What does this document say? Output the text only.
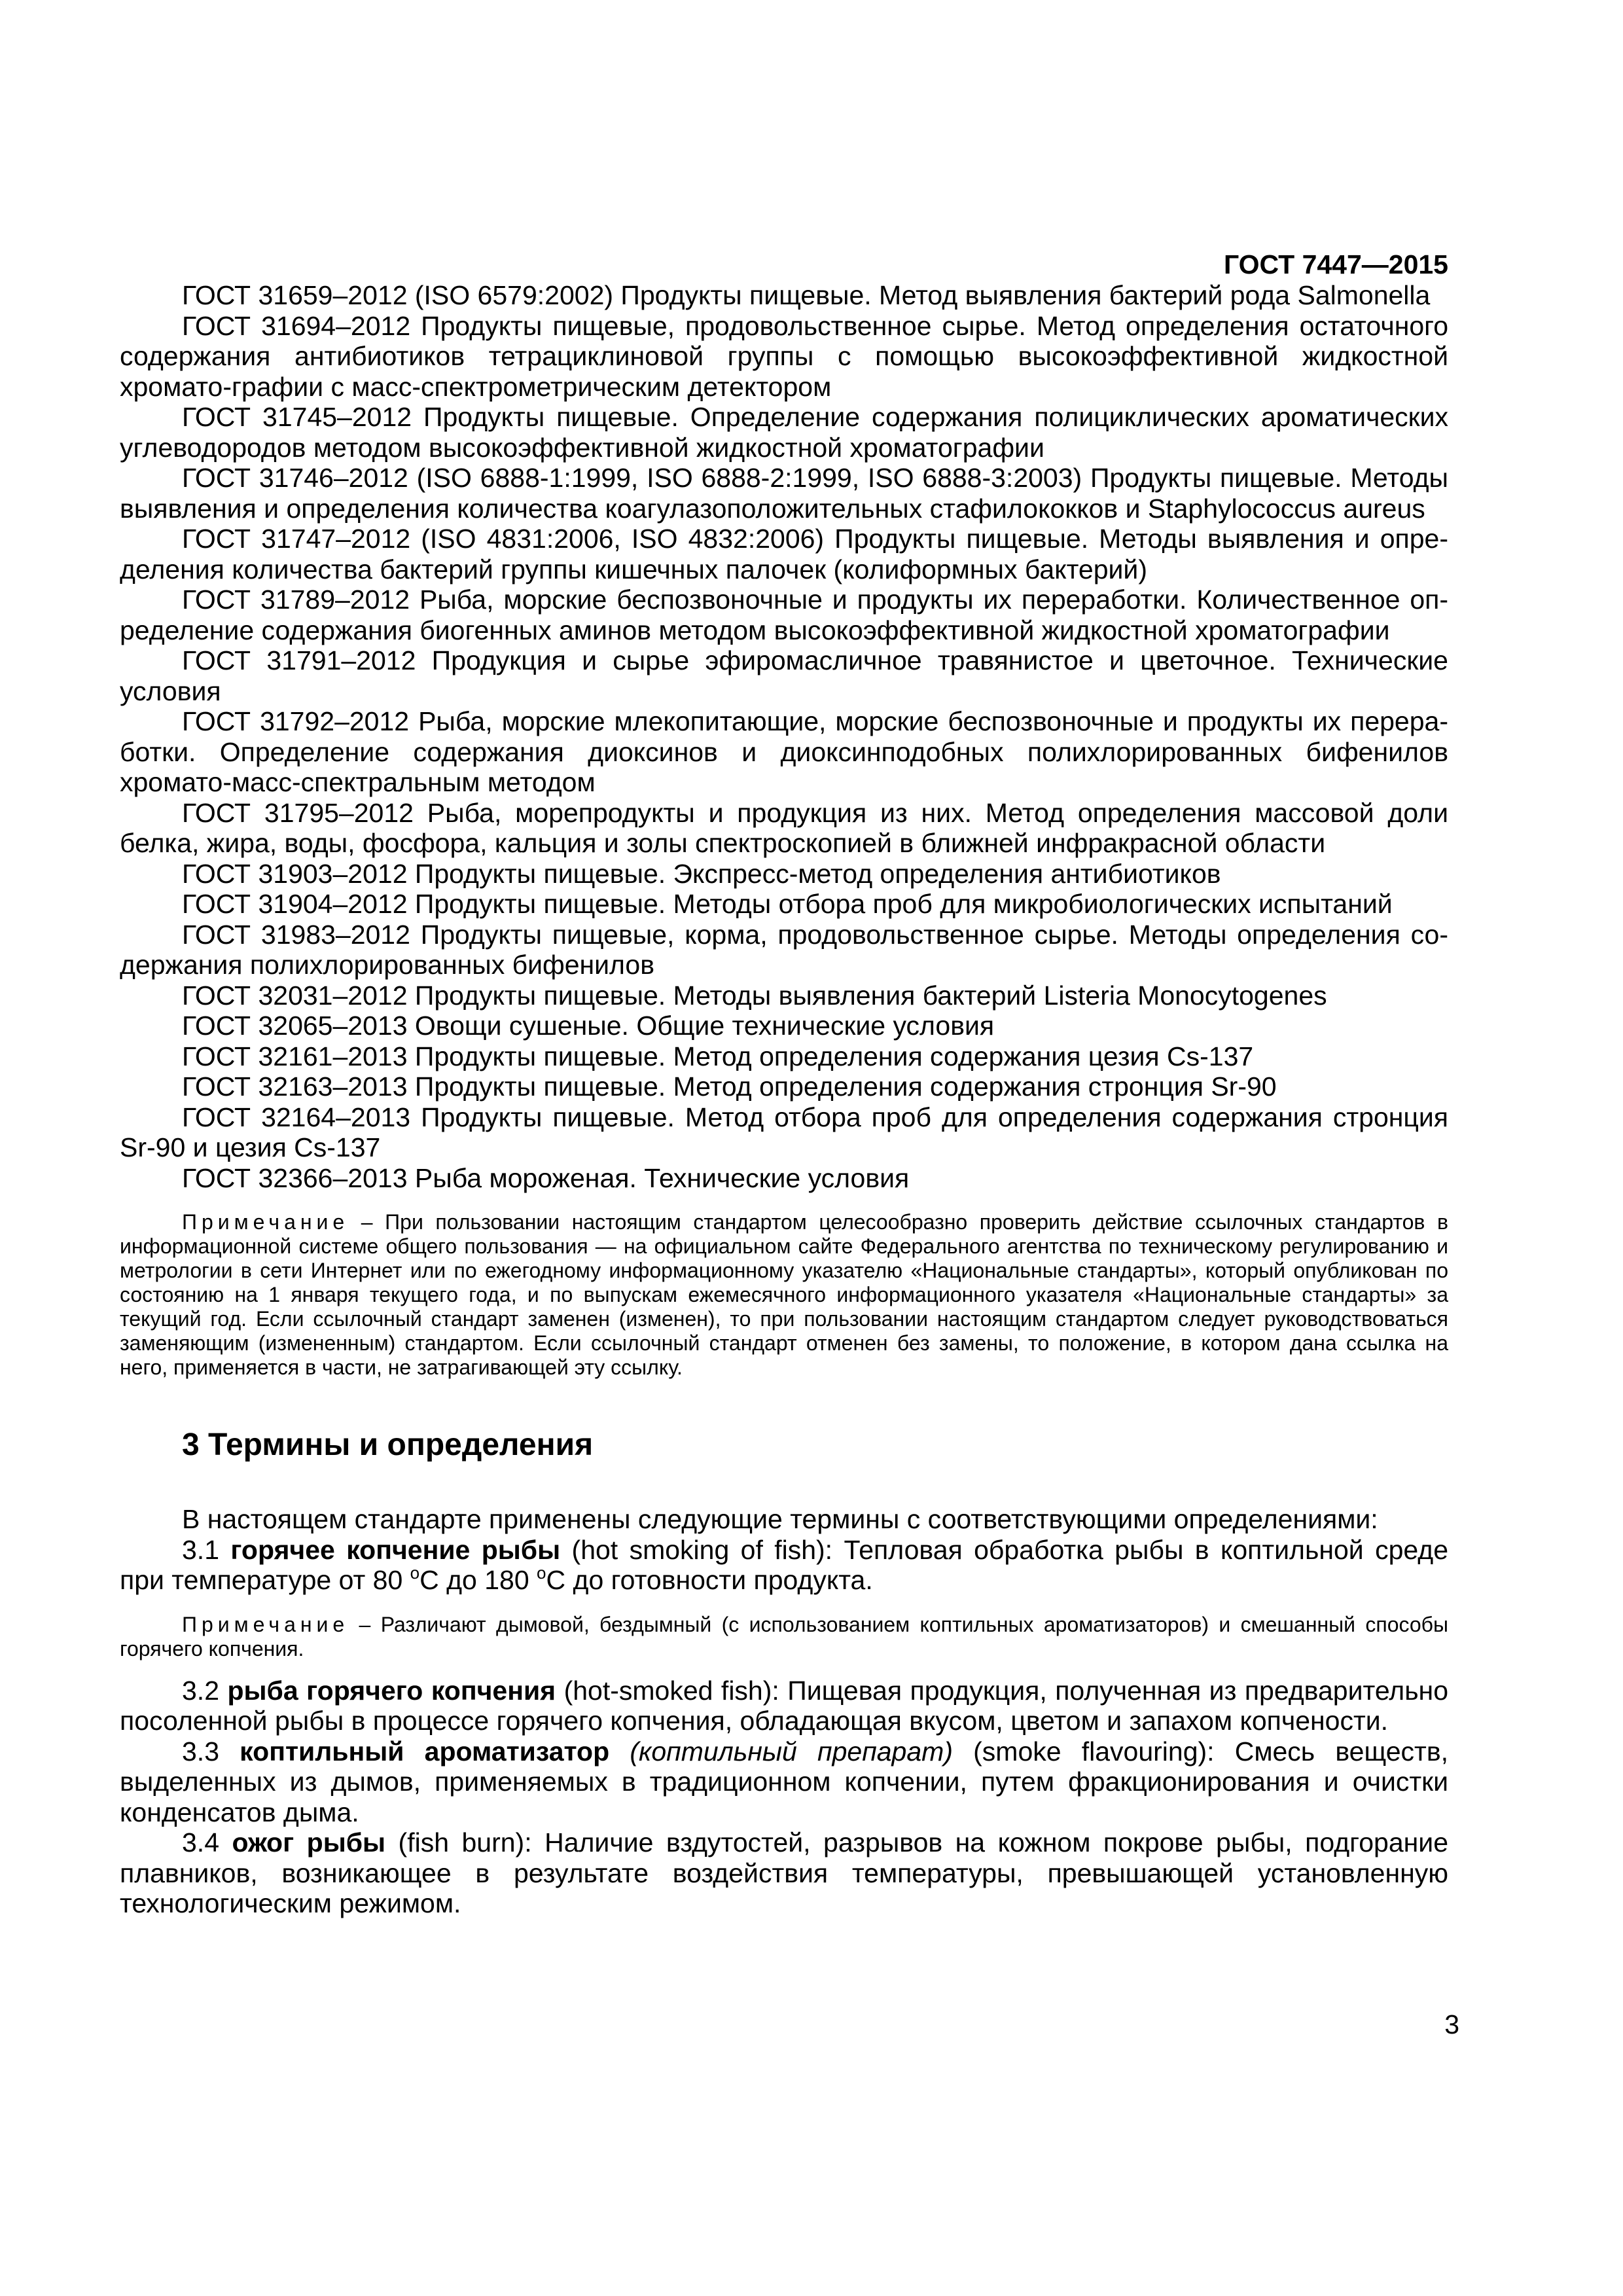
ГОСТ 7447—2015

ГОСТ 31659–2012 (ISO 6579:2002) Продукты пищевые. Метод выявления бактерий рода Salmonella

ГОСТ 31694–2012 Продукты пищевые, продовольственное сырье. Метод определения остаточного содержания антибиотиков тетрациклиновой группы с помощью высокоэффективной жидкостной хромато-графии с масс-спектрометрическим детектором

ГОСТ 31745–2012 Продукты пищевые. Определение содержания полициклических ароматических углеводородов методом высокоэффективной жидкостной хроматографии

ГОСТ 31746–2012 (ISO 6888-1:1999, ISO 6888-2:1999, ISO 6888-3:2003) Продукты пищевые. Методы выявления и определения количества коагулазоположительных стафилококков и Staphylococcus aureus

ГОСТ 31747–2012 (ISO 4831:2006, ISO 4832:2006) Продукты пищевые. Методы выявления и опре-деления количества бактерий группы кишечных палочек (колиформных бактерий)

ГОСТ 31789–2012 Рыба, морские беспозвоночные и продукты их переработки. Количественное оп-ределение содержания биогенных аминов методом высокоэффективной жидкостной хроматографии

ГОСТ 31791–2012 Продукция и сырье эфиромасличное травянистое и цветочное. Технические условия

ГОСТ 31792–2012 Рыба, морские млекопитающие, морские беспозвоночные и продукты их перера-ботки. Определение содержания диоксинов и диоксинподобных полихлорированных бифенилов хромато-масс-спектральным методом

ГОСТ 31795–2012 Рыба, морепродукты и продукция из них. Метод определения массовой доли белка, жира, воды, фосфора, кальция и золы спектроскопией в ближней инфракрасной области

ГОСТ 31903–2012 Продукты пищевые. Экспресс-метод определения антибиотиков

ГОСТ 31904–2012 Продукты пищевые. Методы отбора проб для микробиологических испытаний

ГОСТ 31983–2012 Продукты пищевые, корма, продовольственное сырье. Методы определения со-держания полихлорированных бифенилов

ГОСТ 32031–2012 Продукты пищевые. Методы выявления бактерий Listeria Monocytogenes

ГОСТ 32065–2013 Овощи сушеные. Общие технические условия

ГОСТ 32161–2013 Продукты пищевые. Метод определения содержания цезия Cs-137

ГОСТ 32163–2013 Продукты пищевые. Метод определения содержания стронция Sr-90

ГОСТ 32164–2013 Продукты пищевые. Метод отбора проб для определения содержания стронция Sr-90 и цезия Cs-137

ГОСТ 32366–2013 Рыба мороженая. Технические условия

Примечание – При пользовании настоящим стандартом целесообразно проверить действие ссылочных стандартов в информационной системе общего пользования — на официальном сайте Федерального агентства по техническому регулированию и метрологии в сети Интернет или по ежегодному информационному указателю «Национальные стандарты», который опубликован по состоянию на 1 января текущего года, и по выпускам ежемесячного информационного указателя «Национальные стандарты» за текущий год. Если ссылочный стандарт заменен (изменен), то при пользовании настоящим стандартом следует руководствоваться заменяющим (измененным) стандартом. Если ссылочный стандарт отменен без замены, то положение, в котором дана ссылка на него, применяется в части, не затрагивающей эту ссылку.

3 Термины и определения

В настоящем стандарте применены следующие термины с соответствующими определениями:

3.1 горячее копчение рыбы (hot smoking of fish): Тепловая обработка рыбы в коптильной среде при температуре от 80 $^o$С до 180 $^o$С до готовности продукта.

Примечание – Различают дымовой, бездымный (с использованием коптильных ароматизаторов) и смешанный способы горячего копчения.

3.2 рыба горячего копчения (hot-smoked fish): Пищевая продукция, полученная из предварительно посоленной рыбы в процессе горячего копчения, обладающая вкусом, цветом и запахом копчености.

3.3 коптильный ароматизатор (коптильный препарат) (smoke flavouring): Смесь веществ, выделенных из дымов, применяемых в традиционном копчении, путем фракционирования и очистки конденсатов дыма.

3.4 ожог рыбы (fish burn): Наличие вздутостей, разрывов на кожном покрове рыбы, подгорание плавников, возникающее в результате воздействия температуры, превышающей установленную технологическим режимом.

3
